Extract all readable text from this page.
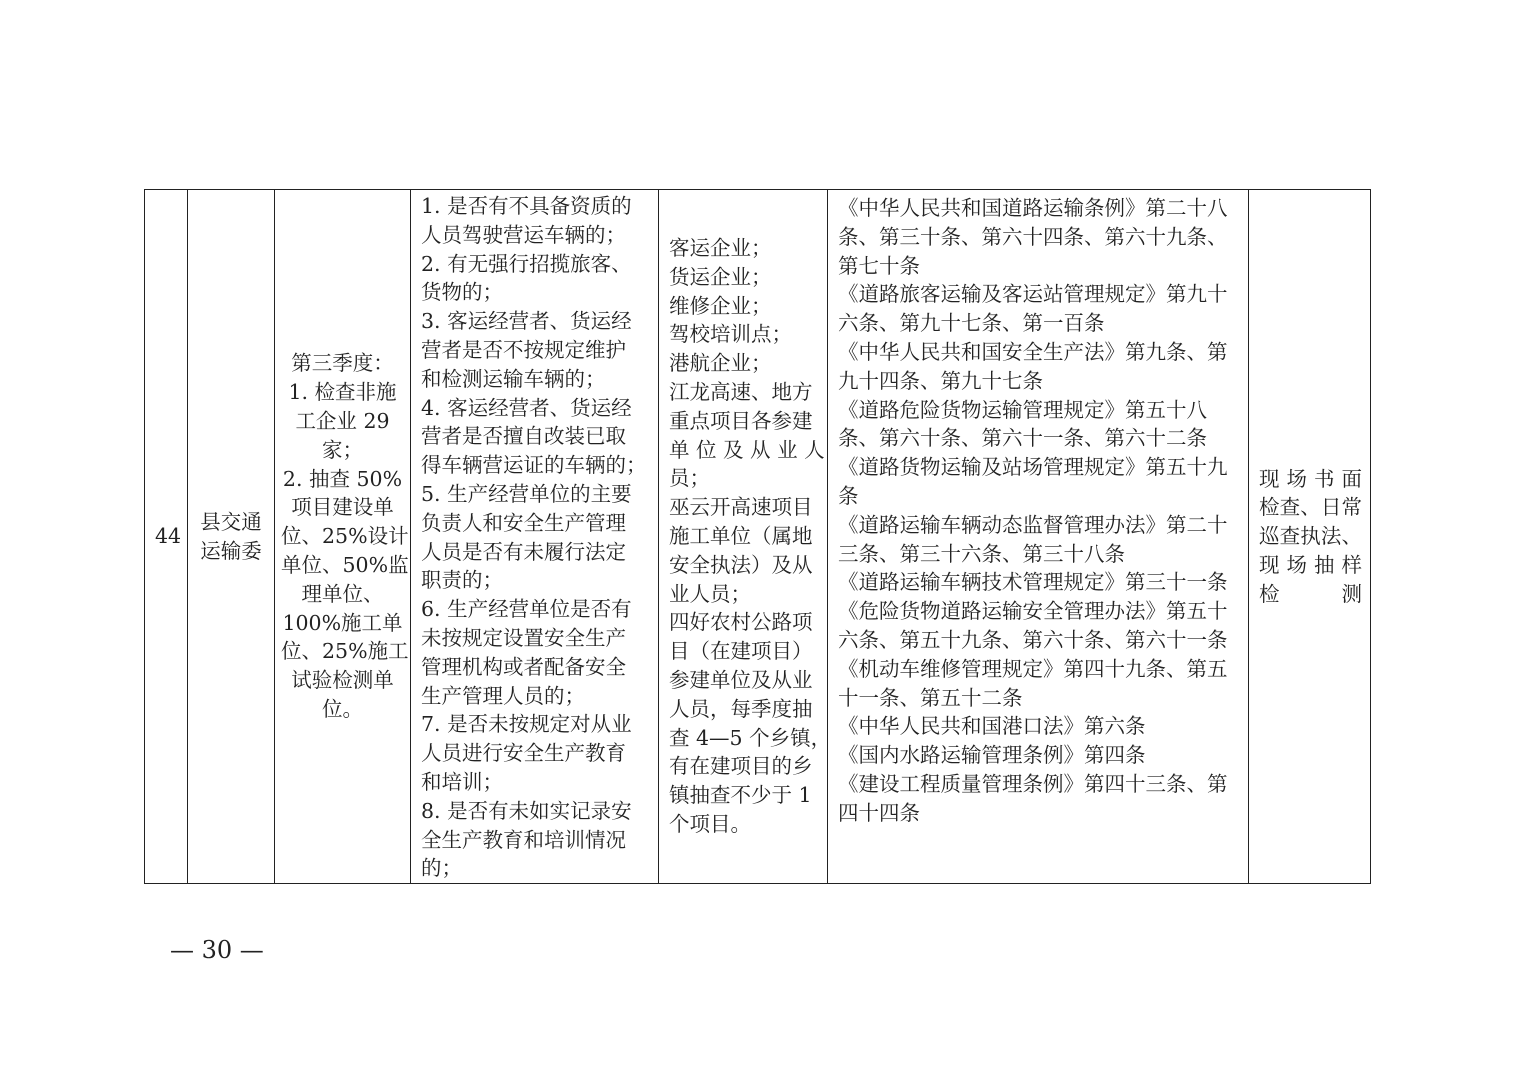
44

县交通
运输委

第三季度：
1. 检查非施
工企业 29
家；
2. 抽查 50%
项目建设单
位、25%设计
单位、50%监
理单位、
100%施工单
位、25%施工
试验检测单
位。

1. 是否有不具备资质的
人员驾驶营运车辆的；
2. 有无强行招揽旅客、
货物的；
3. 客运经营者、货运经
营者是否不按规定维护
和检测运输车辆的；
4. 客运经营者、货运经
营者是否擅自改装已取
得车辆营运证的车辆的；
5. 生产经营单位的主要
负责人和安全生产管理
人员是否有未履行法定
职责的；
6. 生产经营单位是否有
未按规定设置安全生产
管理机构或者配备安全
生产管理人员的；
7. 是否未按规定对从业
人员进行安全生产教育
和培训；
8. 是否有未如实记录安
全生产教育和培训情况
的；

客运企业；
货运企业；
维修企业；
驾校培训点；
港航企业；
江龙高速、地方
重点项目各参建
单 位 及 从 业 人
员；
巫云开高速项目
施工单位（属地
安全执法）及从
业人员；
四好农村公路项
目（在建项目）
参建单位及从业
人员，每季度抽
查 4—5 个乡镇，
有在建项目的乡
镇抽查不少于 1
个项目。

《中华人民共和国道路运输条例》第二十八
条、第三十条、第六十四条、第六十九条、
第七十条
《道路旅客运输及客运站管理规定》第九十
六条、第九十七条、第一百条
《中华人民共和国安全生产法》第九条、第
九十四条、第九十七条
《道路危险货物运输管理规定》第五十八
条、第六十条、第六十一条、第六十二条
《道路货物运输及站场管理规定》第五十九
条
《道路运输车辆动态监督管理办法》第二十
三条、第三十六条、第三十八条
《道路运输车辆技术管理规定》第三十一条
《危险货物道路运输安全管理办法》第五十
六条、第五十九条、第六十条、第六十一条
《机动车维修管理规定》第四十九条、第五
十一条、第五十二条
《中华人民共和国港口法》第六条
《国内水路运输管理条例》第四条
《建设工程质量管理条例》第四十三条、第
四十四条

现场书面
检查、日常
巡查执法、
现场抽样
检测
— 30 —
